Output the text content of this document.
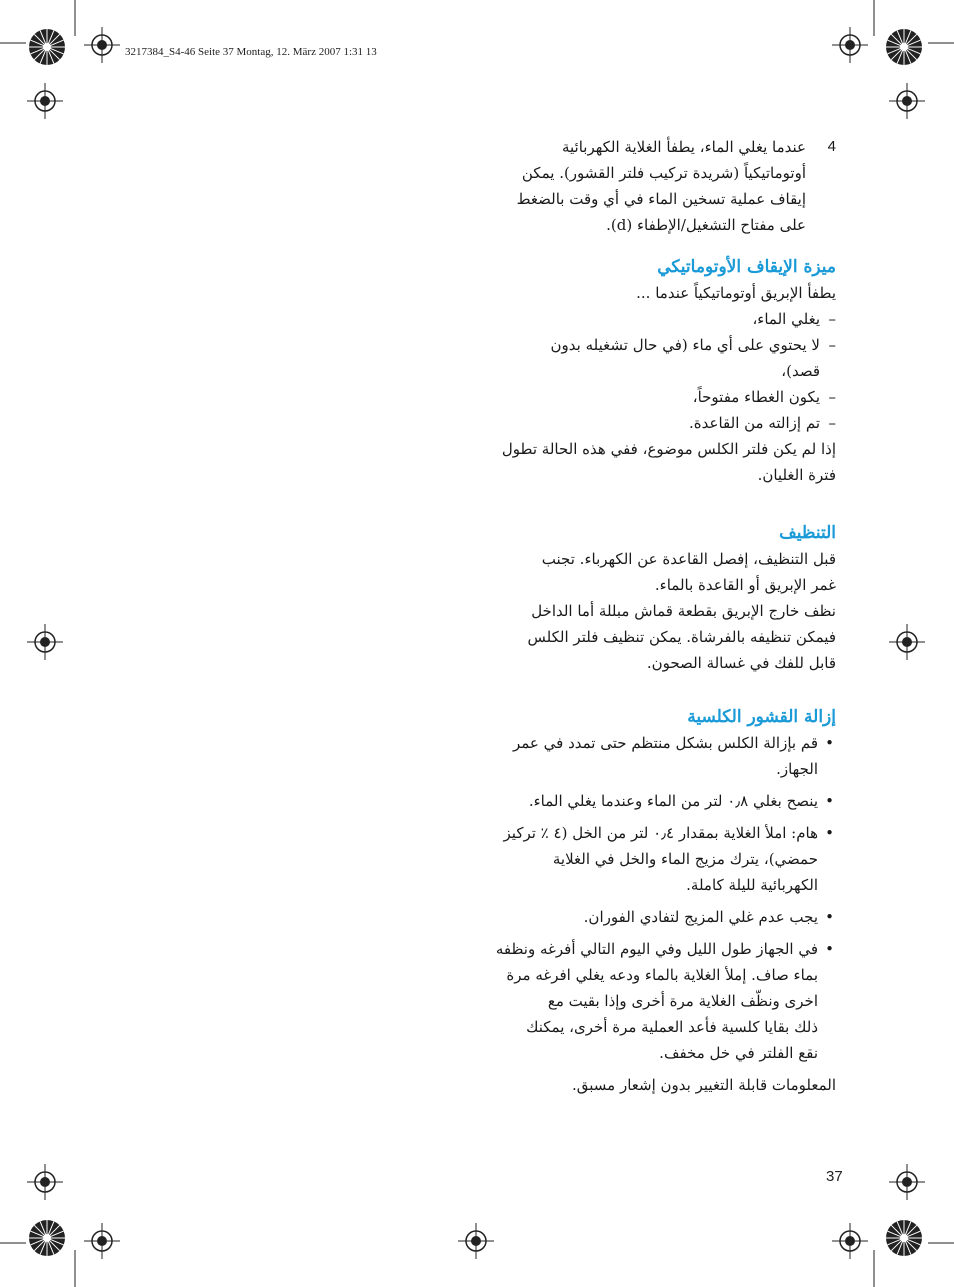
3217384_S4-46 Seite 37 Montag, 12. März 2007 1:31 13
4

عندما يغلي الماء، يطفأ الغلاية الكهربائية

أوتوماتيكياً (شريدة تركيب فلتر القشور). يمكن

إيقاف عملية تسخين الماء في أي وقت بالضغط

على مفتاح التشغيل/الإطفاء (d).

ميزة الإيقاف الأوتوماتيكي

يطفأ الإبريق أوتوماتيكياً عندما ...

–
يغلي الماء،
–
لا يحتوي على أي ماء (في حال تشغيله بدون
قصد)،
–
يكون الغطاء مفتوحاً،
–
تم إزالته من القاعدة.

إذا لم يكن فلتر الكلس موضوع، ففي هذه الحالة تطول

فترة الغليان.

التنظيف

قبل التنظيف، إفصل القاعدة عن الكهرباء. تجنب

غمر الإبريق أو القاعدة بالماء.

نظف خارج الإبريق بقطعة قماش مبللة أما الداخل

فيمكن تنظيفه بالفرشاة. يمكن تنظيف فلتر الكلس

قابل للفك في غسالة الصحون.

إزالة القشور الكلسية
•
قم بإزالة الكلس بشكل منتظم حتى تمدد في عمر
الجهاز.
•
ينصح بغلي ٠٫٨ لتر من الماء وعندما يغلي الماء.
•
هام: املأ الغلاية بمقدار ٠٫٤ لتر من الخل (٤ ٪ تركيز
حمضي)، يترك مزيج الماء والخل في الغلاية
الكهربائية لليلة كاملة.
•
يجب عدم غلي المزيج لتفادي الفوران.
•
في الجهاز طول الليل وفي اليوم التالي أفرغه ونظفه
بماء صاف. إملأ الغلاية بالماء ودعه يغلي افرغه مرة
اخرى ونظّف الغلاية مرة أخرى وإذا بقيت مع
ذلك بقايا كلسية فأعد العملية مرة أخرى، يمكنك
نقع الفلتر في خل مخفف.

المعلومات قابلة التغيير بدون إشعار مسبق.

37
